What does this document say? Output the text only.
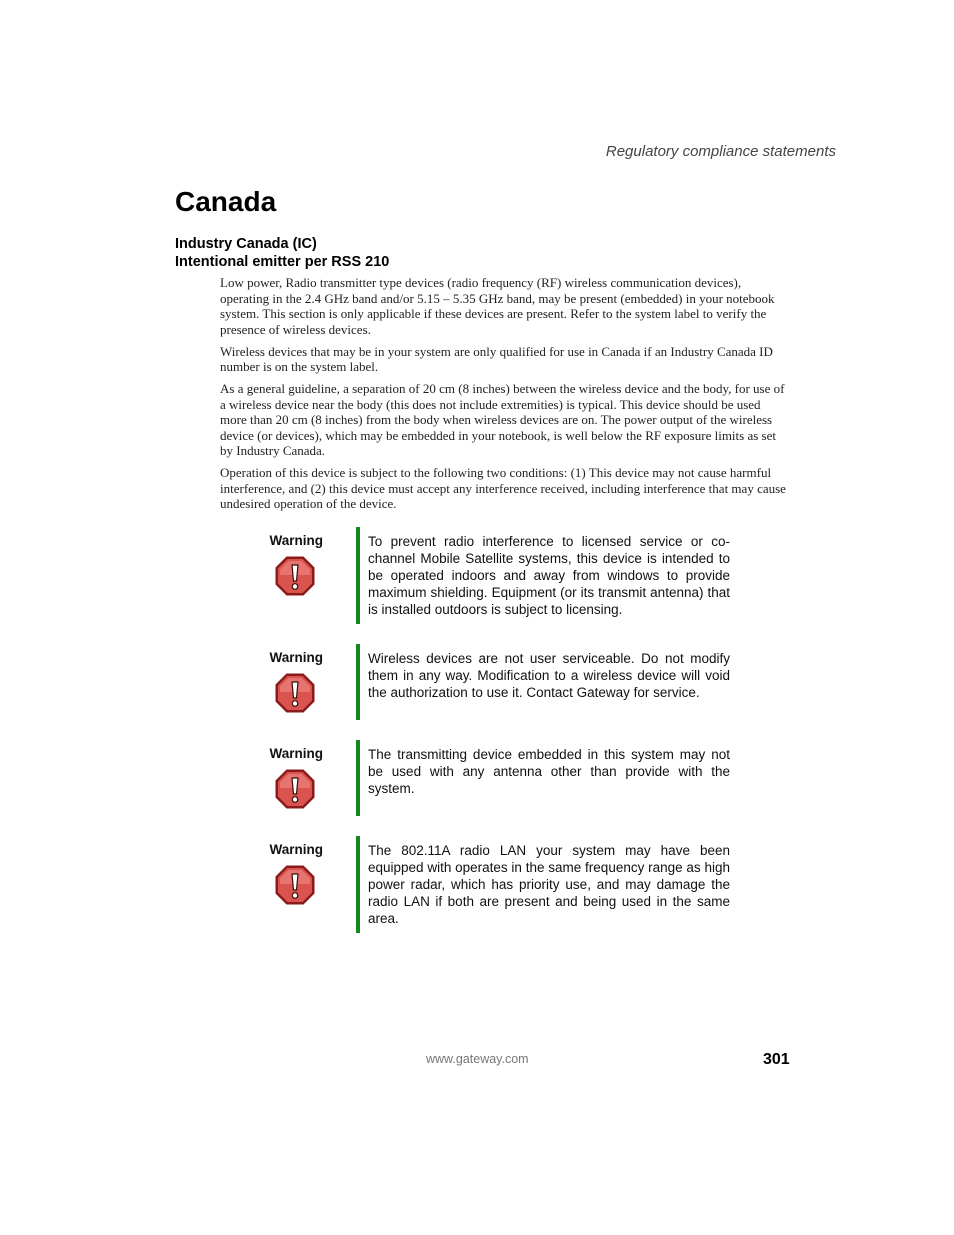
Regulatory compliance statements
Canada
Industry Canada (IC)
Intentional emitter per RSS 210

Low power, Radio transmitter type devices (radio frequency (RF) wireless communication devices), operating in the 2.4 GHz band and/or 5.15 – 5.35 GHz band, may be present (embedded) in your notebook system. This section is only applicable if these devices are present. Refer to the system label to verify the presence of wireless devices.

Wireless devices that may be in your system are only qualified for use in Canada if an Industry Canada ID number is on the system label.

As a general guideline, a separation of 20 cm (8 inches) between the wireless device and the body, for use of a wireless device near the body (this does not include extremities) is typical. This device should be used more than 20 cm (8 inches) from the body when wireless devices are on. The power output of the wireless device (or devices), which may be embedded in your notebook, is well below the RF exposure limits as set by Industry Canada.

Operation of this device is subject to the following two conditions: (1) This device may not cause harmful interference, and (2) this device must accept any interference received, including interference that may cause undesired operation of the device.

Warning	To prevent radio interference to licensed service or co-channel Mobile Satellite systems, this device is intended to be operated indoors and away from windows to provide maximum shielding. Equipment (or its transmit antenna) that is installed outdoors is subject to licensing.
Warning	Wireless devices are not user serviceable. Do not modify them in any way. Modification to a wireless device will void the authorization to use it. Contact Gateway for service.
Warning	The transmitting device embedded in this system may not be used with any antenna other than provide with the system.
Warning	The 802.11A radio LAN your system may have been equipped with operates in the same frequency range as high power radar, which has priority use, and may damage the radio LAN if both are present and being used in the same area.
www.gateway.com	301
